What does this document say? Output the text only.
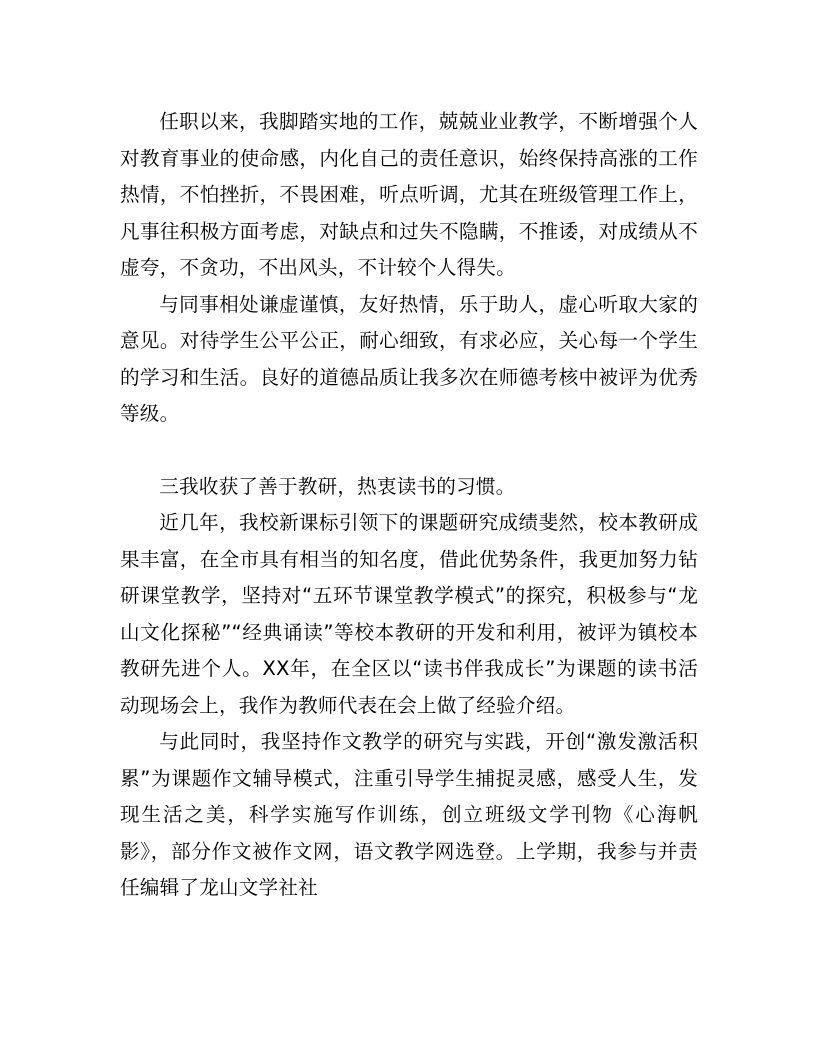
任职以来，我脚踏实地的工作，兢兢业业教学，不断增强个人对教育事业的使命感，内化自己的责任意识，始终保持高涨的工作热情，不怕挫折，不畏困难，听点听调，尤其在班级管理工作上，凡事往积极方面考虑，对缺点和过失不隐瞒，不推诿，对成绩从不虚夸，不贪功，不出风头，不计较个人得失。

与同事相处谦虚谨慎，友好热情，乐于助人，虚心听取大家的意见。对待学生公平公正，耐心细致，有求必应，关心每一个学生的学习和生活。良好的道德品质让我多次在师德考核中被评为优秀等级。

三我收获了善于教研，热衷读书的习惯。

近几年，我校新课标引领下的课题研究成绩斐然，校本教研成果丰富，在全市具有相当的知名度，借此优势条件，我更加努力钻研课堂教学，坚持对“五环节课堂教学模式”的探究，积极参与“龙山文化探秘”“经典诵读”等校本教研的开发和利用，被评为镇校本教研先进个人。XX年，在全区以“读书伴我成长”为课题的读书活动现场会上，我作为教师代表在会上做了经验介绍。

与此同时，我坚持作文教学的研究与实践，开创“激发激活积累”为课题作文辅导模式，注重引导学生捕捉灵感，感受人生，发现生活之美，科学实施写作训练，创立班级文学刊物《心海帆影》，部分作文被作文网，语文教学网选登。上学期，我参与并责任编辑了龙山文学社社
